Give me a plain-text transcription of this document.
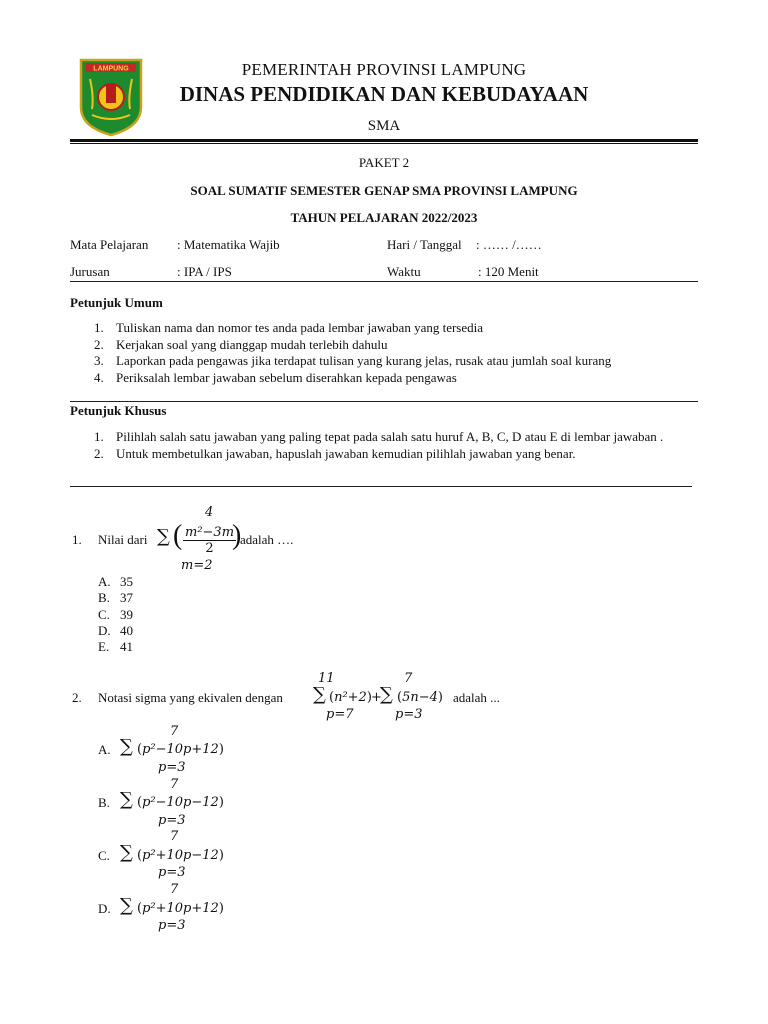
LAMPUNG	PEMERINTAH PROVINSI LAMPUNG
DINAS PENDIDIKAN DAN KEBUDAYAAN
SMA
PAKET 2
SOAL SUMATIF SEMESTER GENAP SMA PROVINSI LAMPUNG
TAHUN PELAJARAN 2022/2023
Mata Pelajaran : Matematika Wajib	Hari / Tanggal : …… /……
Jurusan	: IPA / IPS	Waktu	: 120 Menit
Petunjuk Umum
1. Tuliskan nama dan nomor tes anda pada lembar jawaban yang tersedia
2. Kerjakan soal yang dianggap mudah terlebih dahulu
3. Laporkan pada pengawas jika terdapat tulisan yang kurang jelas, rusak atau jumlah soal kurang
4. Periksalah lembar jawaban sebelum diserahkan kepada pengawas
Petunjuk Khusus
1. Pilihlah salah satu jawaban yang paling tepat pada salah satu huruf A, B, C, D atau E di lembar jawaban .
2. Untuk membetulkan jawaban, hapuslah jawaban kemudian pilihlah jawaban yang benar.
1. Nilai dari
4
∑ ( $\frac{\text{m²−3m}}{2}$
)
adalah ….
m=2
A. 35
B. 37
C. 39
D. 40
E. 41
2. Notasi sigma yang ekivalen dengan
11
∑ (n²+2) +
p=7
7
∑ (5n−4)
p=3
adalah ...
7
A. ∑ (p²−10p+12)
p=3
7
B. ∑ (p²−10p−12)
p=3
7
C. ∑ (p²+10p−12)
p=3
7
D. ∑ (p²+10p+12)
p=3
